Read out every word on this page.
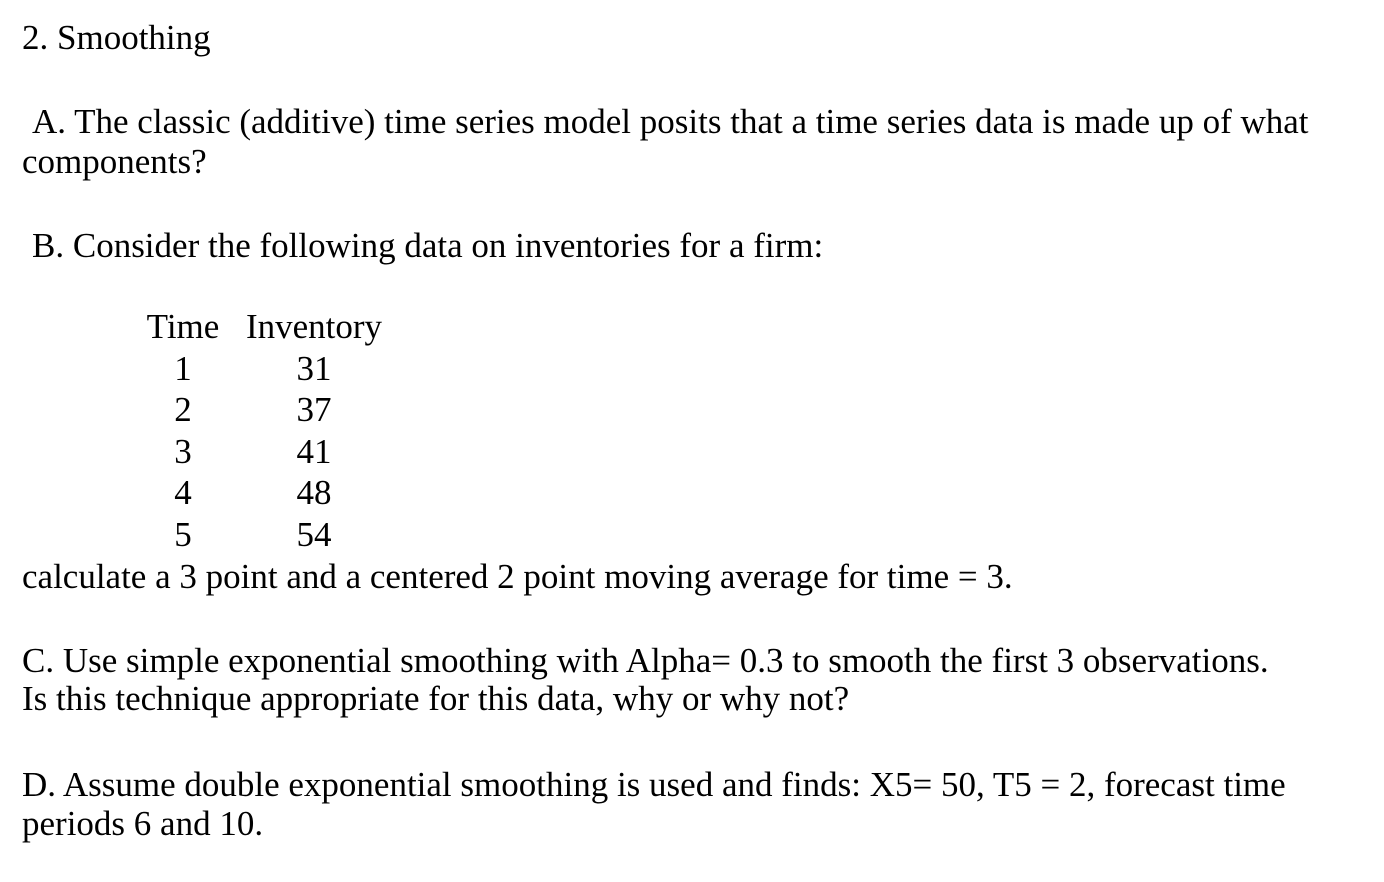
2. Smoothing
A. The classic (additive) time series model posits that a time series data is made up of what
components?
B. Consider the following data on inventories for a firm:
Time	Inventory
1	31
2	37
3	41
4	48
5	54
calculate a 3 point and a centered 2 point moving average for time = 3.
C. Use simple exponential smoothing with Alpha= 0.3 to smooth the first 3 observations.
Is this technique appropriate for this data, why or why not?
D. Assume double exponential smoothing is used and finds: X5= 50, T5 = 2, forecast time
periods 6 and 10.
